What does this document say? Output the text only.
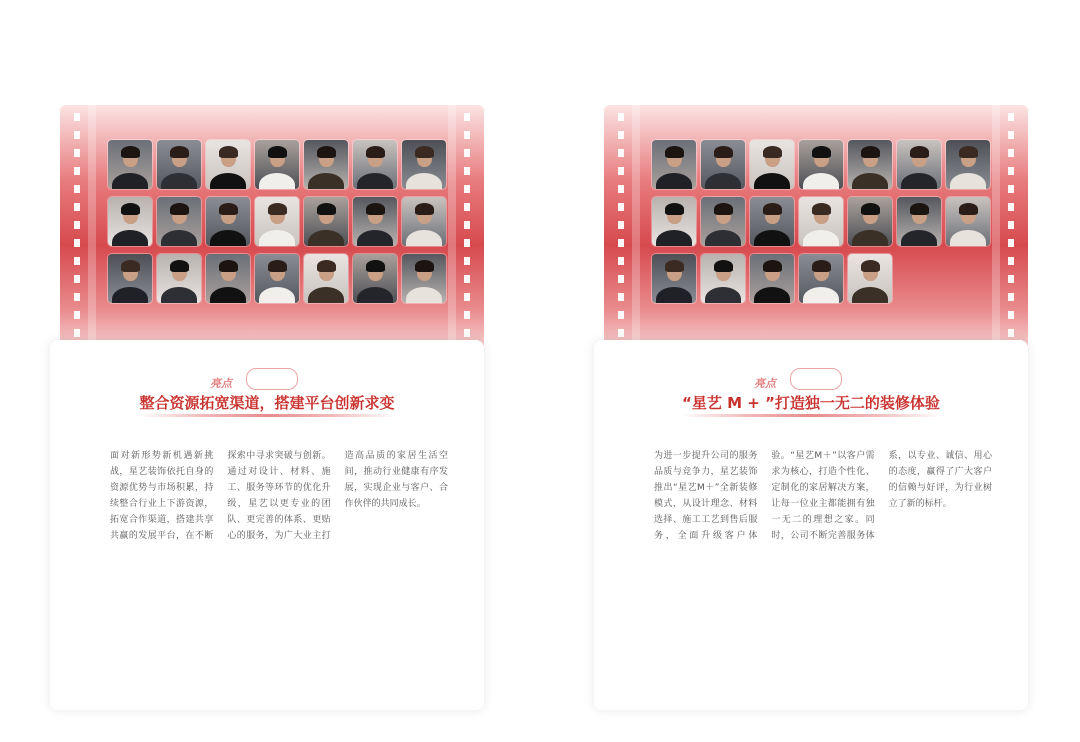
亮点
整合资源拓宽渠道，搭建平台创新求变
面对新形势新机遇新挑战，星艺装饰依托自身的资源优势与市场积累，持续整合行业上下游资源，拓宽合作渠道，搭建共享共赢的发展平台，在不断探索中寻求突破与创新。通过对设计、材料、施工、服务等环节的优化升级，星艺以更专业的团队、更完善的体系、更贴心的服务，为广大业主打造高品质的家居生活空间，推动行业健康有序发展，实现企业与客户、合作伙伴的共同成长。
亮点
“星艺 M + ”打造独一无二的装修体验
为进一步提升公司的服务品质与竞争力，星艺装饰推出“星艺M＋”全新装修模式，从设计理念、材料选择、施工工艺到售后服务，全面升级客户体验。“星艺M＋”以客户需求为核心，打造个性化、定制化的家居解决方案，让每一位业主都能拥有独一无二的理想之家。同时，公司不断完善服务体系，以专业、诚信、用心的态度，赢得了广大客户的信赖与好评，为行业树立了新的标杆。
